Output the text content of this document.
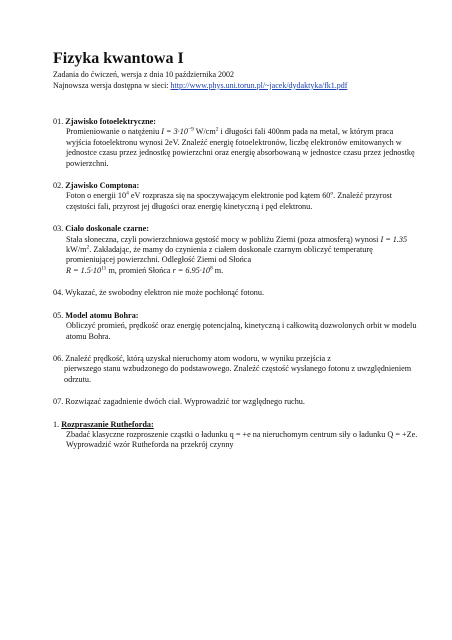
Fizyka kwantowa I
Zadania do ćwiczeń, wersja z dnia 10 października 2002
Najnowsza wersja dostępna w sieci: http://www.phys.uni.torun.pl/~jacek/dydaktyka/fk1.pdf
01. Zjawisko fotoelektryczne:
Promieniowanie o natężeniu $I = 3\cdot 10^{-9}$ $W/cm^2$ i długości fali 400nm pada na metal, w którym praca wyjścia fotoelektronu wynosi 2eV. Znaleźć energię fotoelektronów, liczbę elektronów emitowanych w jednostce czasu przez jednostkę powierzchni oraz energię absorbowaną w jednostce czasu przez jednostkę powierzchni.
02. Zjawisko Comptona:
Foton o energii $10^4$ eV rozprasza się na spoczywającym elektronie pod kątem 60$^o$. Znaleźć przyrost częstości fali, przyrost jej długości oraz energię kinetyczną i pęd elektronu.
03. Ciało doskonale czarne:
Stała słoneczna, czyli powierzchniowa gęstość mocy w pobliżu Ziemi (poza atmosferą) wynosi I = 1.35 $kW/m^2$. Zakładając, że mamy do czynienia z ciałem doskonale czarnym obliczyć temperaturę promieniującej powierzchni. Odległość Ziemi od Słońca
$R = 1.5\cdot 10^{11}$ m, promień Słońca $r = 6.95\cdot 10^8$ m.
04. Wykazać, że swobodny elektron nie może pochłonąć fotonu.
05. Model atomu Bohra:
Obliczyć promień, prędkość oraz energię potencjalną, kinetyczną i całkowitą dozwolonych orbit w modelu atomu Bohra.
06. Znaleźć prędkość, którą uzyskał nieruchomy atom wodoru, w wyniku przejścia z
pierwszego stanu wzbudzonego do podstawowego. Znaleźć częstość wysłanego fotonu z uwzględnieniem odrzutu.
07. Rozwiązać zagadnienie dwóch ciał. Wyprowadzić tor względnego ruchu.
1. Rozpraszanie Rutheforda:
Zbadać klasyczne rozproszenie cząstki o ładunku q = +e na nieruchomym centrum siły o ładunku Q = +Ze. Wyprowadzić wzór Rutheforda na przekrój czynny
